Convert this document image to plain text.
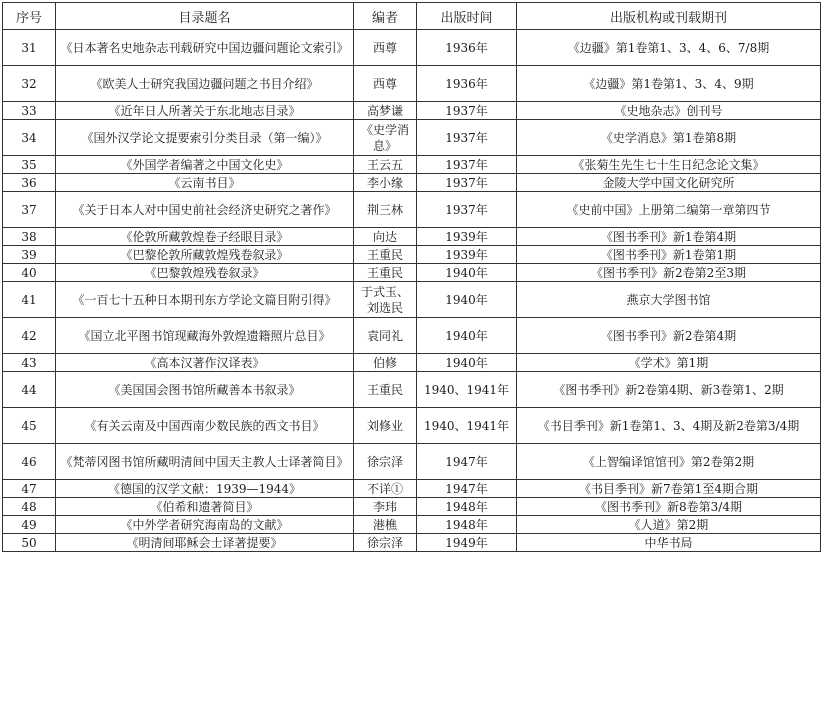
序号	目录题名	编者	出版时间	出版机构或刊载期刊
31	《日本著名史地杂志刊载研究中国边疆问题论文索引》	西尊	1936年	《边疆》第1卷第1、3、4、6、7/8期
32	《欧美人士研究我国边疆问题之书目介绍》	西尊	1936年	《边疆》第1卷第1、3、4、9期
33	《近年日人所著关于东北地志目录》	高梦谦	1937年	《史地杂志》创刊号
34	《国外汉学论文提要索引分类目录（第一编）》	《史学消息》	1937年	《史学消息》第1卷第8期
35	《外国学者编著之中国文化史》	王云五	1937年	《张菊生先生七十生日纪念论文集》
36	《云南书目》	李小缘	1937年	金陵大学中国文化研究所
37	《关于日本人对中国史前社会经济史研究之著作》	荆三林	1937年	《史前中国》上册第二编第一章第四节
38	《伦敦所藏敦煌卷子经眼目录》	向达	1939年	《图书季刊》新1卷第4期
39	《巴黎伦敦所藏敦煌残卷叙录》	王重民	1939年	《图书季刊》新1卷第1期
40	《巴黎敦煌残卷叙录》	王重民	1940年	《图书季刊》新2卷第2至3期
41	《一百七十五种日本期刊东方学论文篇目附引得》	于式玉、刘选民	1940年	燕京大学图书馆
42	《国立北平图书馆现藏海外敦煌遗籍照片总目》	袁同礼	1940年	《图书季刊》新2卷第4期
43	《高本汉著作汉译表》	伯修	1940年	《学术》第1期
44	《美国国会图书馆所藏善本书叙录》	王重民	1940、1941年	《图书季刊》新2卷第4期、新3卷第1、2期
45	《有关云南及中国西南少数民族的西文书目》	刘修业	1940、1941年	《书目季刊》新1卷第1、3、4期及新2卷第3/4期
46	《梵蒂冈图书馆所藏明清间中国天主教人士译著简目》	徐宗泽	1947年	《上智编译馆馆刊》第2卷第2期
47	《德国的汉学文献：1939—1944》	不详①	1947年	《书目季刊》新7卷第1至4期合期
48	《伯希和遗著简目》	李玮	1948年	《图书季刊》新8卷第3/4期
49	《中外学者研究海南岛的文献》	港樵	1948年	《人道》第2期
50	《明清间耶稣会士译著提要》	徐宗泽	1949年	中华书局
